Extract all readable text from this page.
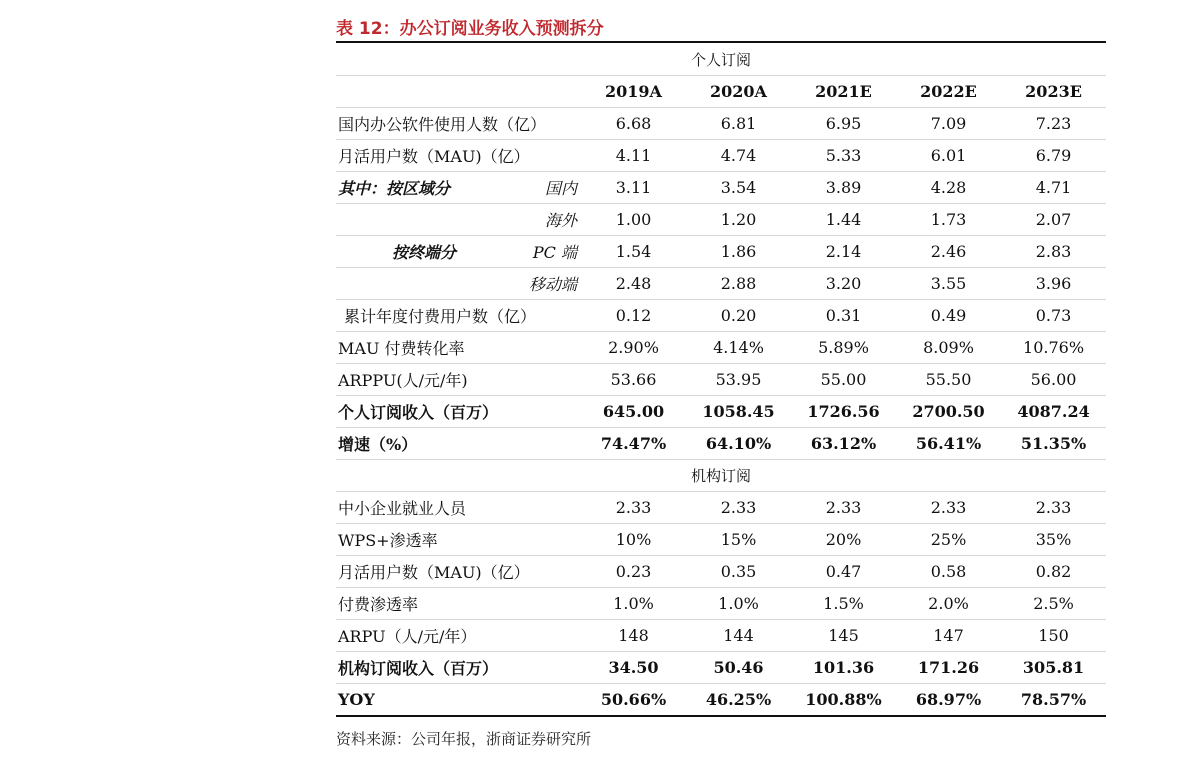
表 12：办公订阅业务收入预测拆分
个人订阅						
		2019A	2020A	2021E	2022E	2023E
国内办公软件使用人数（亿）		6.68	6.81	6.95	7.09	7.23
月活用户数（MAU)（亿）		4.11	4.74	5.33	6.01	6.79
其中：按区域分	国内	3.11	3.54	3.89	4.28	4.71
	海外	1.00	1.20	1.44	1.73	2.07
按终端分	PC 端	1.54	1.86	2.14	2.46	2.83
	移动端	2.48	2.88	3.20	3.55	3.96
累计年度付费用户数（亿）		0.12	0.20	0.31	0.49	0.73
MAU 付费转化率		2.90%	4.14%	5.89%	8.09%	10.76%
ARPPU(人/元/年)		53.66	53.95	55.00	55.50	56.00
个人订阅收入（百万）		645.00	1058.45	1726.56	2700.50	4087.24
增速（%）		74.47%	64.10%	63.12%	56.41%	51.35%
机构订阅						
中小企业就业人员		2.33	2.33	2.33	2.33	2.33
WPS+渗透率		10%	15%	20%	25%	35%
月活用户数（MAU)（亿）		0.23	0.35	0.47	0.58	0.82
付费渗透率		1.0%	1.0%	1.5%	2.0%	2.5%
ARPU（人/元/年）		148	144	145	147	150
机构订阅收入（百万）		34.50	50.46	101.36	171.26	305.81
YOY		50.66%	46.25%	100.88%	68.97%	78.57%
资料来源：公司年报，浙商证券研究所
